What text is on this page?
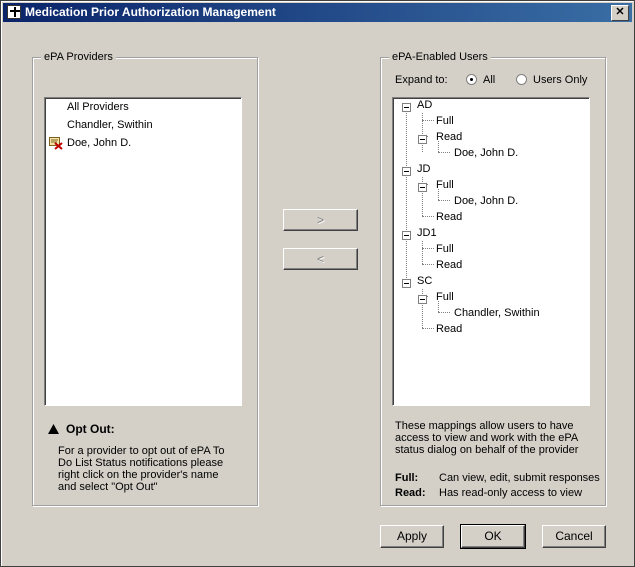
Medication Prior Authorization Management	✕
ePA Providers
All Providers
Chandler, Swithin
Doe, John D.
Opt Out:
For a provider to opt out of ePA To
Do List Status notifications please
right click on the provider's name
and select "Opt Out"
>
<
ePA-Enabled Users
Expand to:	All	Users Only
AD
Full
Read
Doe, John D.
JD
Full
Doe, John D.
Read
JD1
Full
Read
SC
Full
Chandler, Swithin
Read
These mappings allow users to have
access to view and work with the ePA
status dialog on behalf of the provider
Full: Can view, edit, submit responses
Read: Has read-only access to view
Apply	OK	Cancel
